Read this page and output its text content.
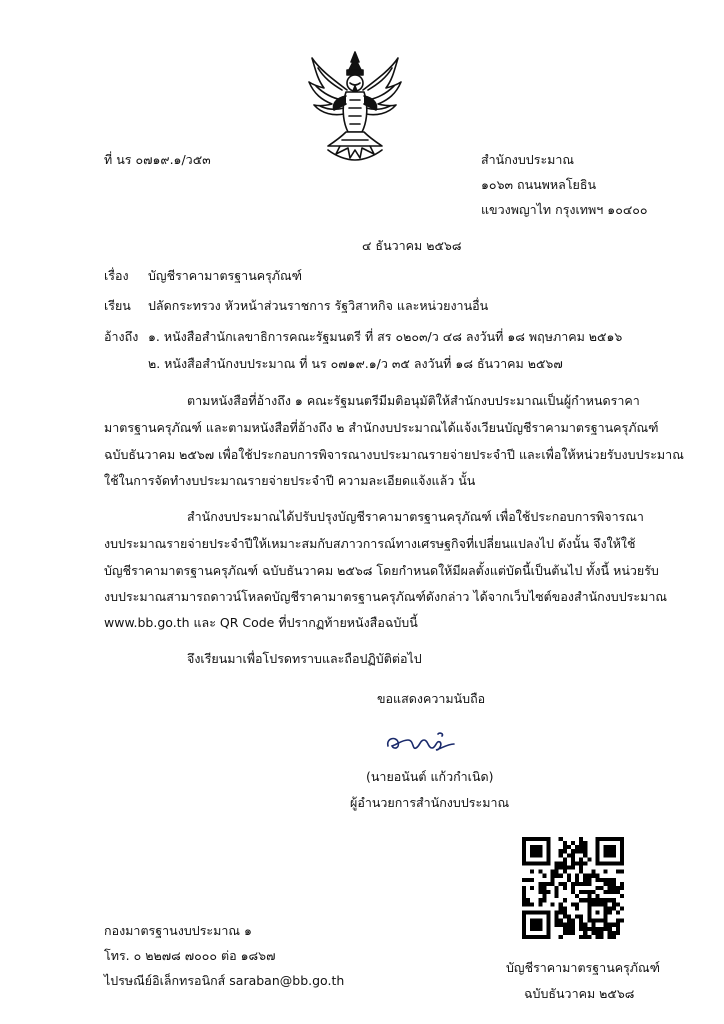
ที่ นร ๐๗๑๙.๑/ว๕๓	สำนักงบประมาณ
๑๐๖๓ ถนนพหลโยธิน
แขวงพญาไท กรุงเทพฯ ๑๐๔๐๐
๔ ธันวาคม ๒๕๖๘
เรื่อง บัญชีราคามาตรฐานครุภัณฑ์
เรียน ปลัดกระทรวง หัวหน้าส่วนราชการ รัฐวิสาหกิจ และหน่วยงานอื่น
อ้างถึง ๑. หนังสือสำนักเลขาธิการคณะรัฐมนตรี ที่ สร ๐๒๐๓/ว ๔๘ ลงวันที่ ๑๘ พฤษภาคม ๒๕๑๖
๒. หนังสือสำนักงบประมาณ ที่ นร ๐๗๑๙.๑/ว ๓๕ ลงวันที่ ๑๘ ธันวาคม ๒๕๖๗
ตามหนังสือที่อ้างถึง ๑ คณะรัฐมนตรีมีมติอนุมัติให้สำนักงบประมาณเป็นผู้กำหนดราคา
มาตรฐานครุภัณฑ์ และตามหนังสือที่อ้างถึง ๒ สำนักงบประมาณได้แจ้งเวียนบัญชีราคามาตรฐานครุภัณฑ์
ฉบับธันวาคม ๒๕๖๗ เพื่อใช้ประกอบการพิจารณางบประมาณรายจ่ายประจำปี และเพื่อให้หน่วยรับงบประมาณ
ใช้ในการจัดทำงบประมาณรายจ่ายประจำปี ความละเอียดแจ้งแล้ว นั้น
สำนักงบประมาณได้ปรับปรุงบัญชีราคามาตรฐานครุภัณฑ์ เพื่อใช้ประกอบการพิจารณา
งบประมาณรายจ่ายประจำปีให้เหมาะสมกับสภาวการณ์ทางเศรษฐกิจที่เปลี่ยนแปลงไป ดังนั้น จึงให้ใช้
บัญชีราคามาตรฐานครุภัณฑ์ ฉบับธันวาคม ๒๕๖๘ โดยกำหนดให้มีผลตั้งแต่บัดนี้เป็นต้นไป ทั้งนี้ หน่วยรับ
งบประมาณสามารถดาวน์โหลดบัญชีราคามาตรฐานครุภัณฑ์ดังกล่าว ได้จากเว็บไซต์ของสำนักงบประมาณ
www.bb.go.th และ QR Code ที่ปรากฏท้ายหนังสือฉบับนี้
จึงเรียนมาเพื่อโปรดทราบและถือปฏิบัติต่อไป
ขอแสดงความนับถือ
(นายอนันต์ แก้วกำเนิด)
ผู้อำนวยการสำนักงบประมาณ
บัญชีราคามาตรฐานครุภัณฑ์
ฉบับธันวาคม ๒๕๖๘
กองมาตรฐานงบประมาณ ๑
โทร. ๐ ๒๒๗๘ ๗๐๐๐ ต่อ ๑๘๖๗
ไปรษณีย์อิเล็กทรอนิกส์ saraban@bb.go.th
